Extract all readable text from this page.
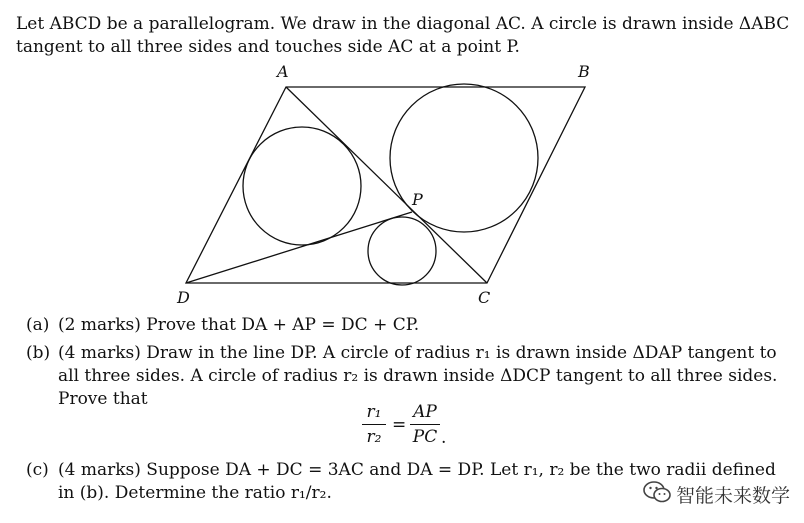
Let ABCD be a parallelogram. We draw in the diagonal AC. A circle is drawn inside ΔABC
tangent to all three sides and touches side AC at a point P.
A	B
P
D	C
(a) (2 marks) Prove that DA + AP = DC + CP.
(b) (4 marks) Draw in the line DP. A circle of radius r₁ is drawn inside ΔDAP tangent to
all three sides. A circle of radius r₂ is drawn inside ΔDCP tangent to all three sides.
Prove that
r₁
r₂
=
AP
PC .
(c) (4 marks) Suppose DA + DC = 3AC and DA = DP. Let r₁, r₂ be the two radii defined
in (b). Determine the ratio r₁/r₂.	智能未来数学
